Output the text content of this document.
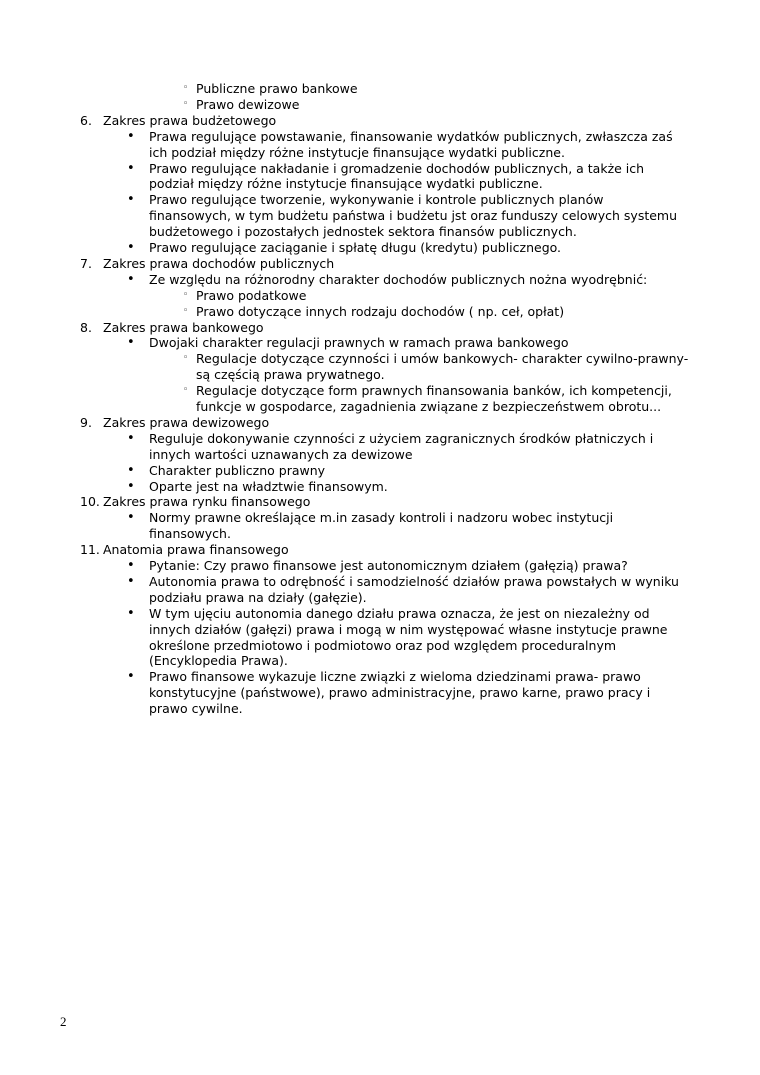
◦ Publiczne prawo bankowe
◦ Prawo dewizowe
6. Zakres prawa budżetowego
• Prawa regulujące powstawanie, finansowanie wydatków publicznych, zwłaszcza zaś
ich podział między różne instytucje finansujące wydatki publiczne.
• Prawo regulujące nakładanie i gromadzenie dochodów publicznych, a także ich
podział między różne instytucje finansujące wydatki publiczne.
• Prawo regulujące tworzenie, wykonywanie i kontrole publicznych planów
finansowych, w tym budżetu państwa i budżetu jst oraz funduszy celowych systemu
budżetowego i pozostałych jednostek sektora finansów publicznych.
• Prawo regulujące zaciąganie i spłatę długu (kredytu) publicznego.
7. Zakres prawa dochodów publicznych
• Ze względu na różnorodny charakter dochodów publicznych nożna wyodrębnić:
◦ Prawo podatkowe
◦ Prawo dotyczące innych rodzaju dochodów ( np. ceł, opłat)
8. Zakres prawa bankowego
• Dwojaki charakter regulacji prawnych w ramach prawa bankowego
◦ Regulacje dotyczące czynności i umów bankowych- charakter cywilno-prawny-
są częścią prawa prywatnego.
◦ Regulacje dotyczące form prawnych finansowania banków, ich kompetencji,
funkcje w gospodarce, zagadnienia związane z bezpieczeństwem obrotu...
9. Zakres prawa dewizowego
• Reguluje dokonywanie czynności z użyciem zagranicznych środków płatniczych i
innych wartości uznawanych za dewizowe
• Charakter publiczno prawny
• Oparte jest na władztwie finansowym.
10. Zakres prawa rynku finansowego
• Normy prawne określające m.in zasady kontroli i nadzoru wobec instytucji
finansowych.
11. Anatomia prawa finansowego
• Pytanie: Czy prawo finansowe jest autonomicznym działem (gałęzią) prawa?
• Autonomia prawa to odrębność i samodzielność działów prawa powstałych w wyniku
podziału prawa na działy (gałęzie).
• W tym ujęciu autonomia danego działu prawa oznacza, że jest on niezależny od
innych działów (gałęzi) prawa i mogą w nim występować własne instytucje prawne
określone przedmiotowo i podmiotowo oraz pod względem proceduralnym
(Encyklopedia Prawa).
• Prawo finansowe wykazuje liczne związki z wieloma dziedzinami prawa- prawo
konstytucyjne (państwowe), prawo administracyjne, prawo karne, prawo pracy i
prawo cywilne.
2
